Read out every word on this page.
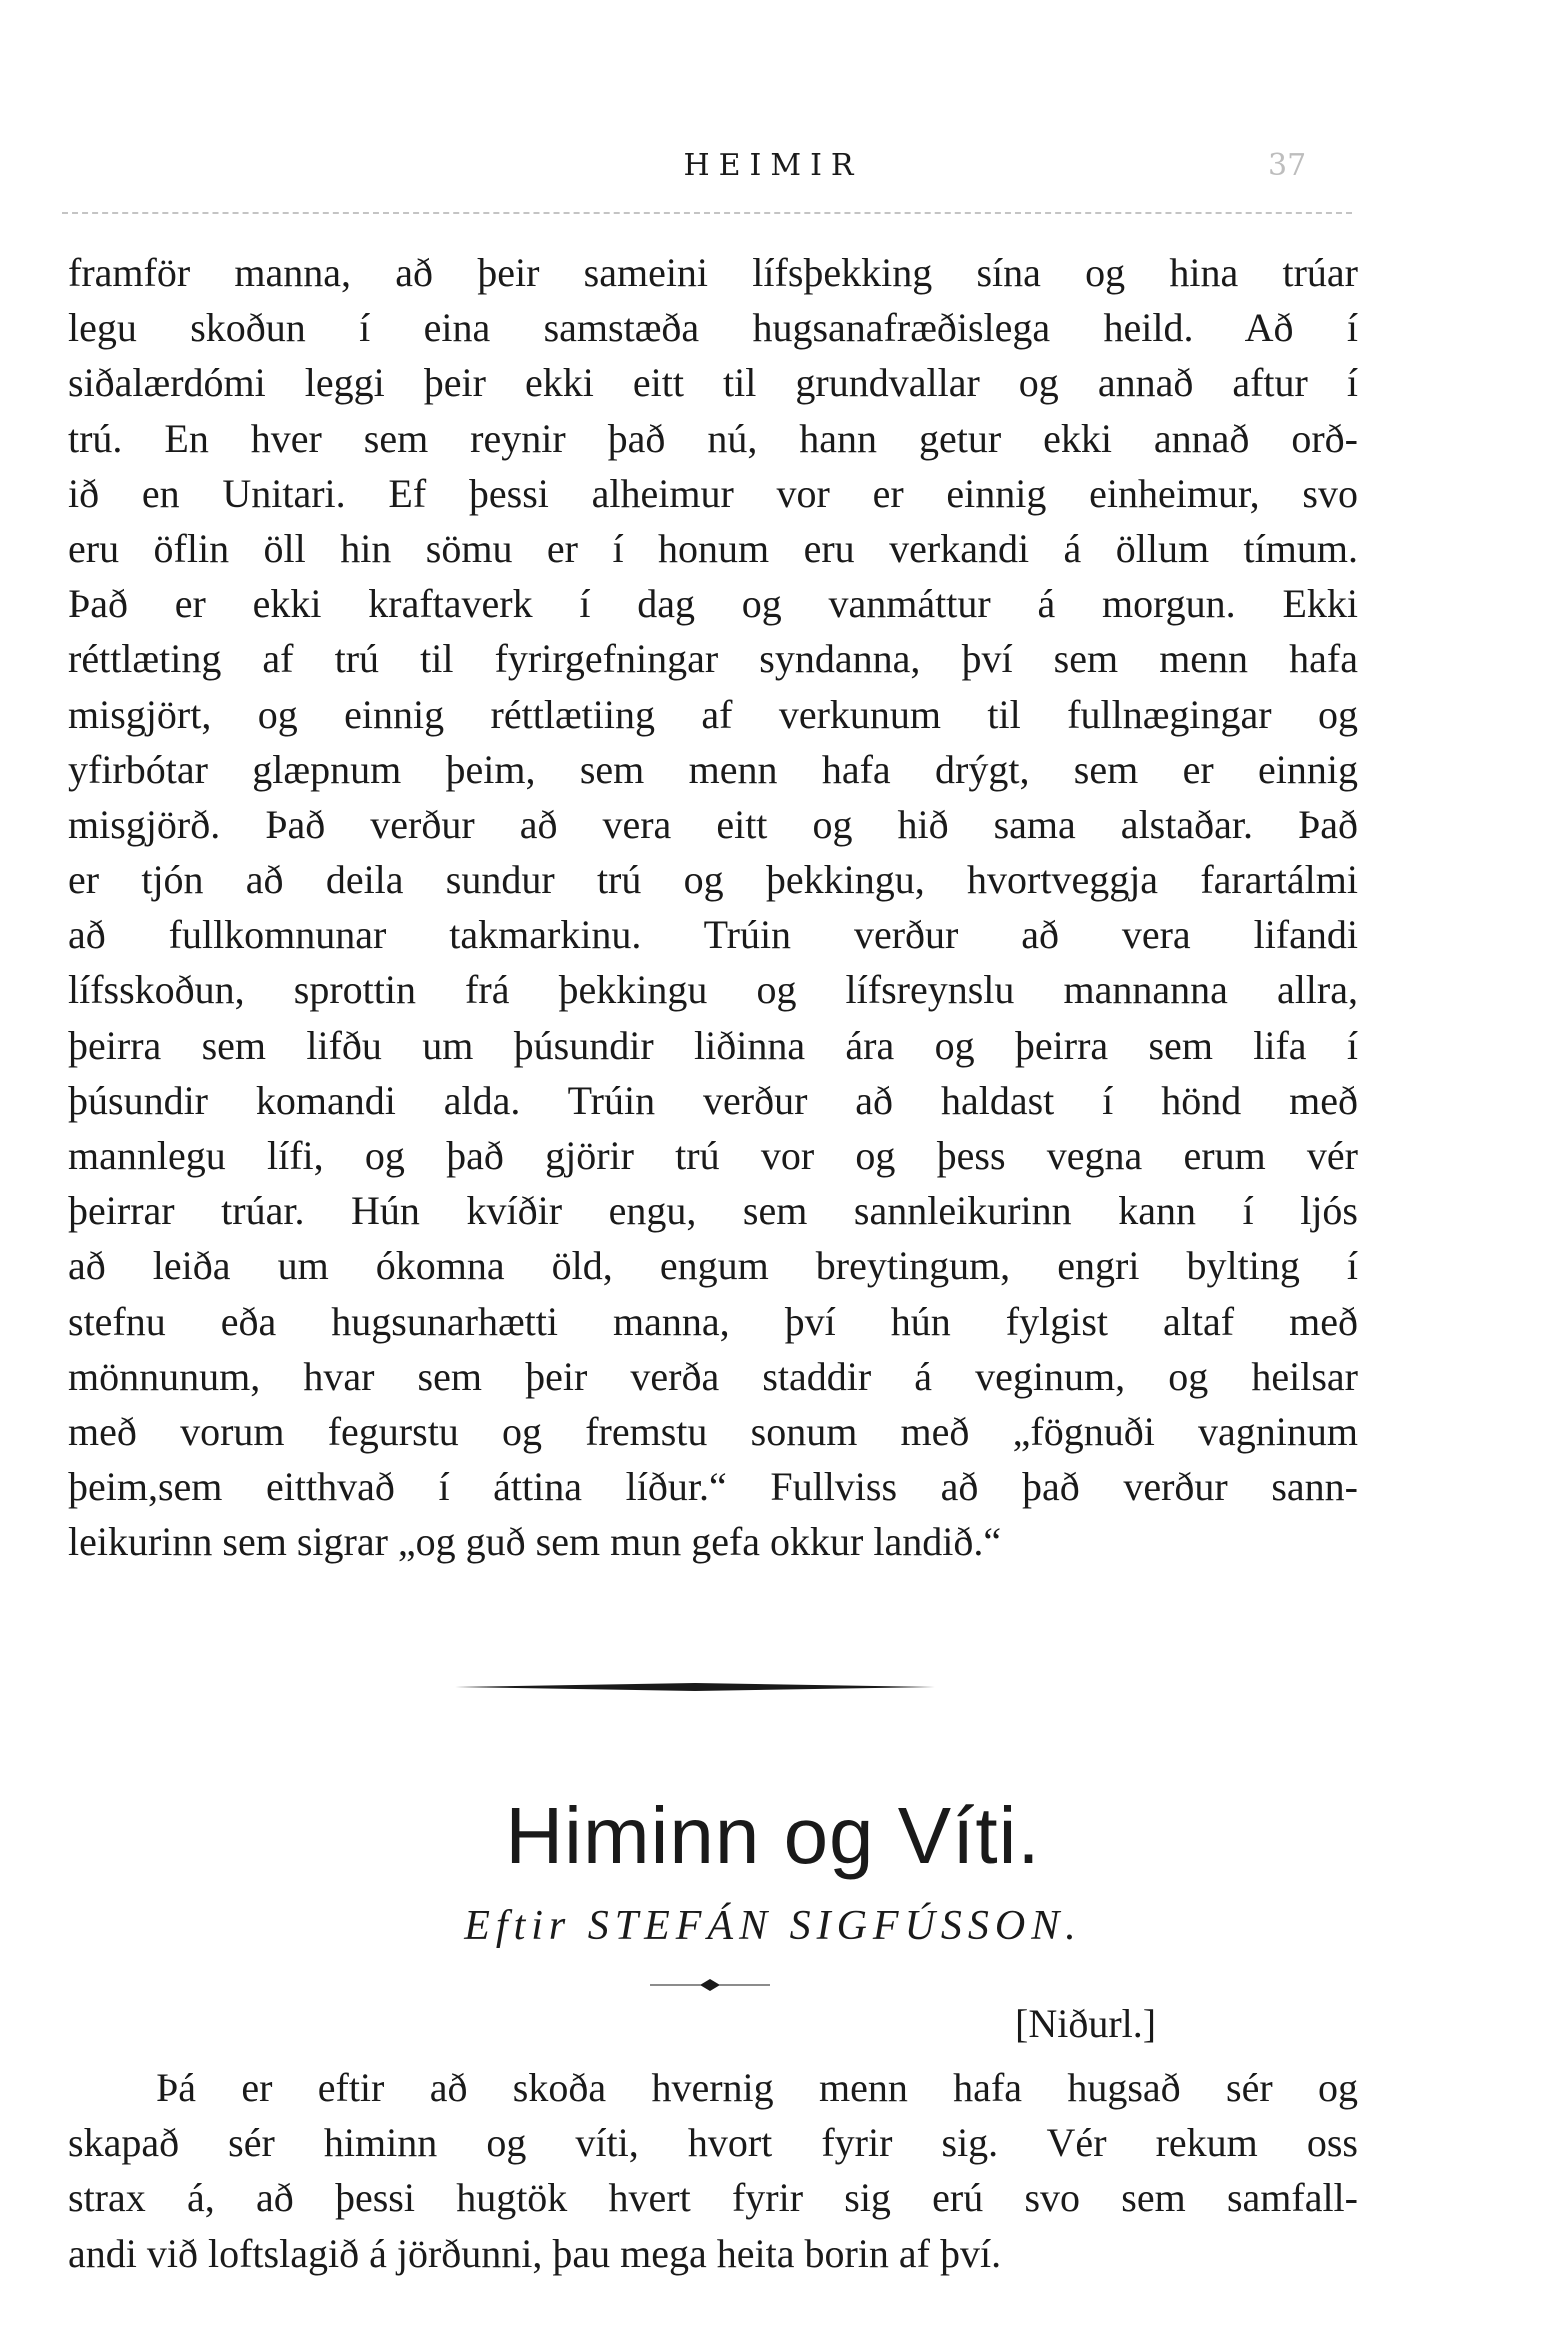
HEIMIR	37
framför manna, að þeir sameini lífsþekking sína og hina trúar
legu skoðun í eina samstæða hugsanafræðislega heild. Að í
siðalærdómi leggi þeir ekki eitt til grundvallar og annað aftur í
trú. En hver sem reynir það nú, hann getur ekki annað orð-
ið en Unitari. Ef þessi alheimur vor er einnig einheimur, svo
eru öflin öll hin sömu er í honum eru verkandi á öllum tímum.
Það er ekki kraftaverk í dag og vanmáttur á morgun. Ekki
réttlæting af trú til fyrirgefningar syndanna, því sem menn hafa
misgjört, og einnig réttlætiing af verkunum til fullnægingar og
yfirbótar glæpnum þeim, sem menn hafa drýgt, sem er einnig
misgjörð. Það verður að vera eitt og hið sama alstaðar. Það
er tjón að deila sundur trú og þekkingu, hvortveggja farartálmi
að fullkomnunar takmarkinu. Trúin verður að vera lifandi
lífsskoðun, sprottin frá þekkingu og lífsreynslu mannanna allra,
þeirra sem lifðu um þúsundir liðinna ára og þeirra sem lifa í
þúsundir komandi alda. Trúin verður að haldast í hönd með
mannlegu lífi, og það gjörir trú vor og þess vegna erum vér
þeirrar trúar. Hún kvíðir engu, sem sannleikurinn kann í ljós
að leiða um ókomna öld, engum breytingum, engri bylting í
stefnu eða hugsunarhætti manna, því hún fylgist altaf með
mönnunum, hvar sem þeir verða staddir á veginum, og heilsar
með vorum fegurstu og fremstu sonum með „fögnuði vagninum
þeim,sem eitthvað í áttina líður.“ Fullviss að það verður sann-
leikurinn sem sigrar „og guð sem mun gefa okkur landið.“
Himinn og Víti.
Eftir STEFÁN SIGFÚSSON.
[Niðurl.]
Þá er eftir að skoða hvernig menn hafa hugsað sér og
skapað sér himinn og víti, hvort fyrir sig. Vér rekum oss
strax á, að þessi hugtök hvert fyrir sig erú svo sem samfall-
andi við loftslagið á jörðunni, þau mega heita borin af því.
